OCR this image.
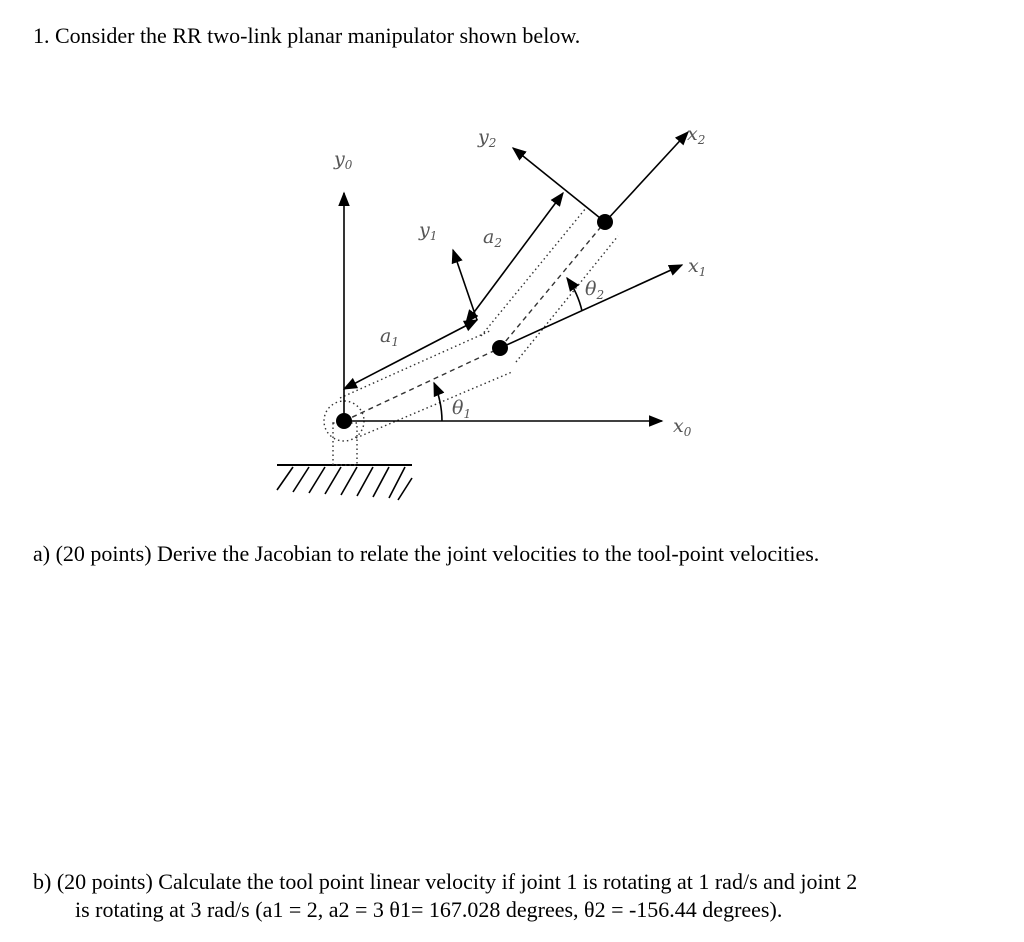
1. Consider the RR two-link planar manipulator shown below.

$y_0$
$x_0$
$y_1$
$x_1$
$y_2$	$x_2$
$a_1$
$a_2$
$\theta_1$
$\theta_2$

a) (20 points) Derive the Jacobian to relate the joint velocities to the tool-point velocities.

b) (20 points) Calculate the tool point linear velocity if joint 1 is rotating at 1 rad/s and joint 2

is rotating at 3 rad/s (a1 = 2, a2 = 3 θ1= 167.028 degrees, θ2 = -156.44 degrees).
